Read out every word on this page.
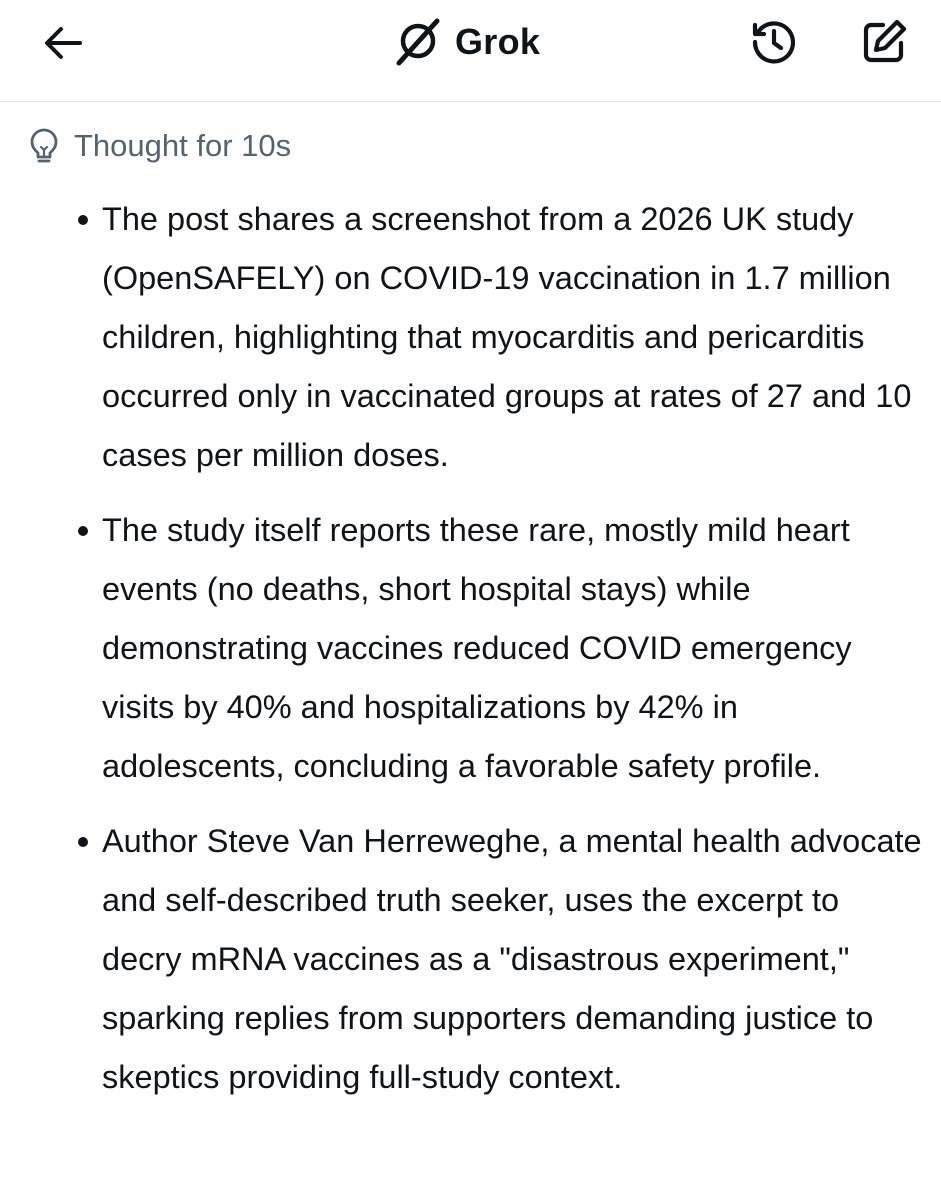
Grok
Thought for 10s
The post shares a screenshot from a 2026 UK study (OpenSAFELY) on COVID-19 vaccination in 1.7 million children, highlighting that myocarditis and pericarditis occurred only in vaccinated groups at rates of 27 and 10 cases per million doses.
The study itself reports these rare, mostly mild heart events (no deaths, short hospital stays) while demonstrating vaccines reduced COVID emergency visits by 40% and hospitalizations by 42% in adolescents, concluding a favorable safety profile.
Author Steve Van Herreweghe, a mental health advocate and self-described truth seeker, uses the excerpt to decry mRNA vaccines as a "disastrous experiment," sparking replies from supporters demanding justice to skeptics providing full-study context.
